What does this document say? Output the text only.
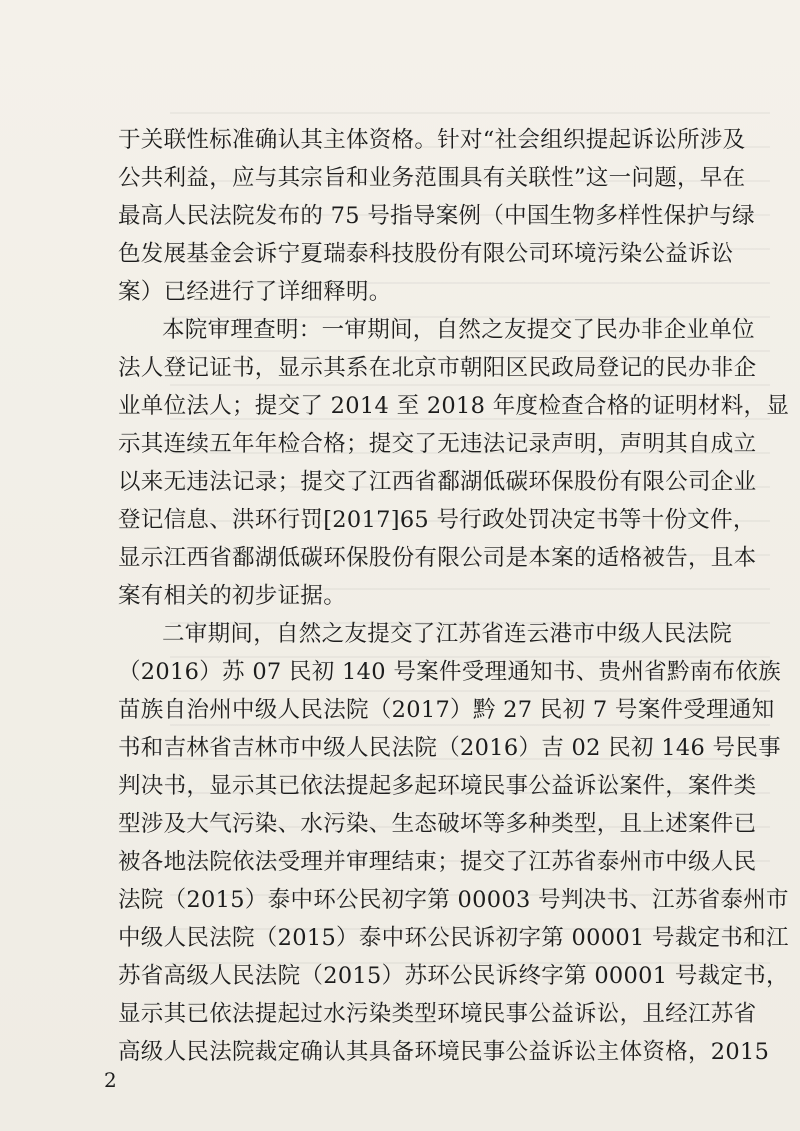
于关联性标准确认其主体资格。针对“社会组织提起诉讼所涉及
公共利益，应与其宗旨和业务范围具有关联性”这一问题，早在
最高人民法院发布的 75 号指导案例（中国生物多样性保护与绿
色发展基金会诉宁夏瑞泰科技股份有限公司环境污染公益诉讼
案）已经进行了详细释明。
本院审理查明：一审期间，自然之友提交了民办非企业单位
法人登记证书，显示其系在北京市朝阳区民政局登记的民办非企
业单位法人；提交了 2014 至 2018 年度检查合格的证明材料，显
示其连续五年年检合格；提交了无违法记录声明，声明其自成立
以来无违法记录；提交了江西省鄱湖低碳环保股份有限公司企业
登记信息、洪环行罚[2017]65 号行政处罚决定书等十份文件，
显示江西省鄱湖低碳环保股份有限公司是本案的适格被告，且本
案有相关的初步证据。
二审期间，自然之友提交了江苏省连云港市中级人民法院
（2016）苏 07 民初 140 号案件受理通知书、贵州省黔南布依族
苗族自治州中级人民法院（2017）黔 27 民初 7 号案件受理通知
书和吉林省吉林市中级人民法院（2016）吉 02 民初 146 号民事
判决书，显示其已依法提起多起环境民事公益诉讼案件，案件类
型涉及大气污染、水污染、生态破坏等多种类型，且上述案件已
被各地法院依法受理并审理结束；提交了江苏省泰州市中级人民
法院（2015）泰中环公民初字第 00003 号判决书、江苏省泰州市
中级人民法院（2015）泰中环公民诉初字第 00001 号裁定书和江
苏省高级人民法院（2015）苏环公民诉终字第 00001 号裁定书，
显示其已依法提起过水污染类型环境民事公益诉讼，且经江苏省
高级人民法院裁定确认其具备环境民事公益诉讼主体资格，2015
2
